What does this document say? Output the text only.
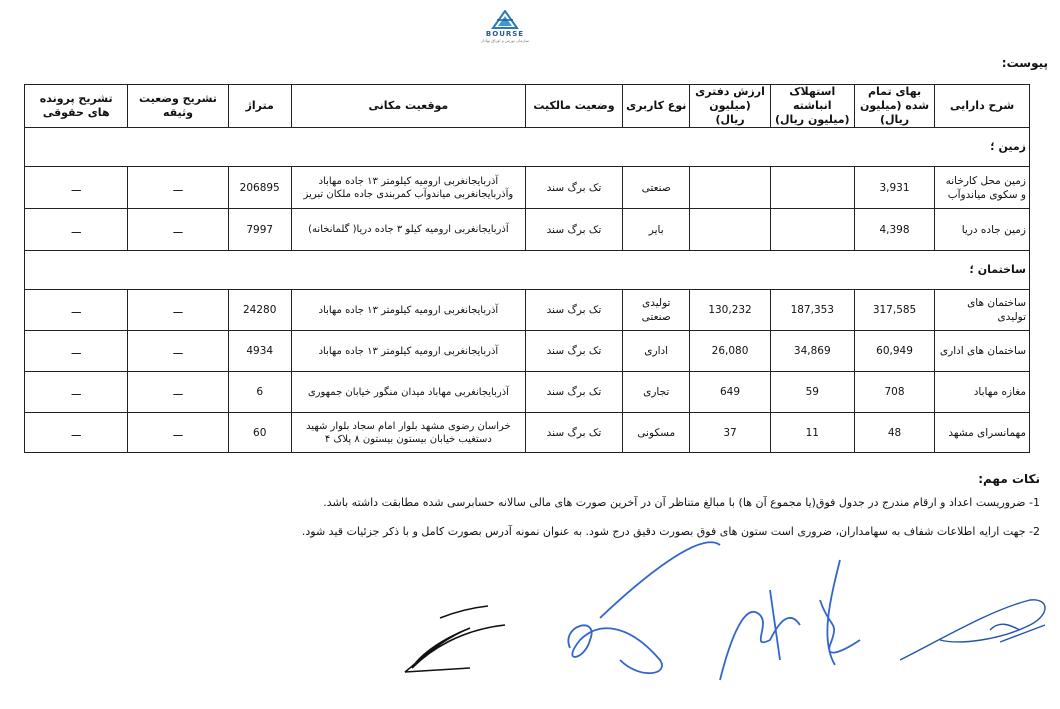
BOURSE
سازمان بورس و اوراق بهادار
پیوست:
شرح دارایی	بهای تمام شده (میلیون ریال)	استهلاک انباشته (میلیون ریال)	ارزش دفتری (میلیون ریال)	نوع کاربری	وضعیت مالکیت	موقعیت مکانی	متراژ	تشریح وضعیت وثیقه	تشریح پرونده های حقوقی
زمین ؛									
زمین محل کارخانه و سکوی میاندوآب	3,931			صنعتی	تک برگ سند	آذربایجانغربی ارومیه کیلومتر ۱۳ جاده مهاباد وآذربایجانغربی میاندوآب کمربندی جاده ملکان تبریز	206895	ـــ	ـــ
زمین جاده دریا	4,398			بایر	تک برگ سند	آذربایجانغربی ارومیه کیلو ۳ جاده دریا( گلمانخانه)	7997	ـــ	ـــ
ساختمان ؛									
ساختمان های تولیدی	317,585	187,353	130,232	تولیدی صنعتی	تک برگ سند	آذربایجانغربی ارومیه کیلومتر ۱۳ جاده مهاباد	24280	ـــ	ـــ
ساختمان های اداری	60,949	34,869	26,080	اداری	تک برگ سند	آذربایجانغربی ارومیه کیلومتر ۱۳ جاده مهاباد	4934	ـــ	ـــ
مغازه مهاباد	708	59	649	تجاری	تک برگ سند	آذربایجانغربی مهاباد میدان منگور خیابان جمهوری	6	ـــ	ـــ
مهمانسرای مشهد	48	11	37	مسکونی	تک برگ سند	خراسان رضوی مشهد بلوار امام سجاد بلوار شهید دستغیب خیابان بیستون بیستون ۸ پلاک ۴	60	ـــ	ـــ
نکات مهم:
1- ضروریست اعداد و ارقام مندرج در جدول فوق(یا مجموع آن ها) با مبالغ متناظر آن در آخرین صورت های مالی سالانه حسابرسی شده مطابقت داشته باشد.
2- جهت ارایه اطلاعات شفاف به سهامداران، ضروری است ستون های فوق بصورت دقیق درج شود. به عنوان نمونه آدرس بصورت کامل و با ذکر جزئیات قید شود.
